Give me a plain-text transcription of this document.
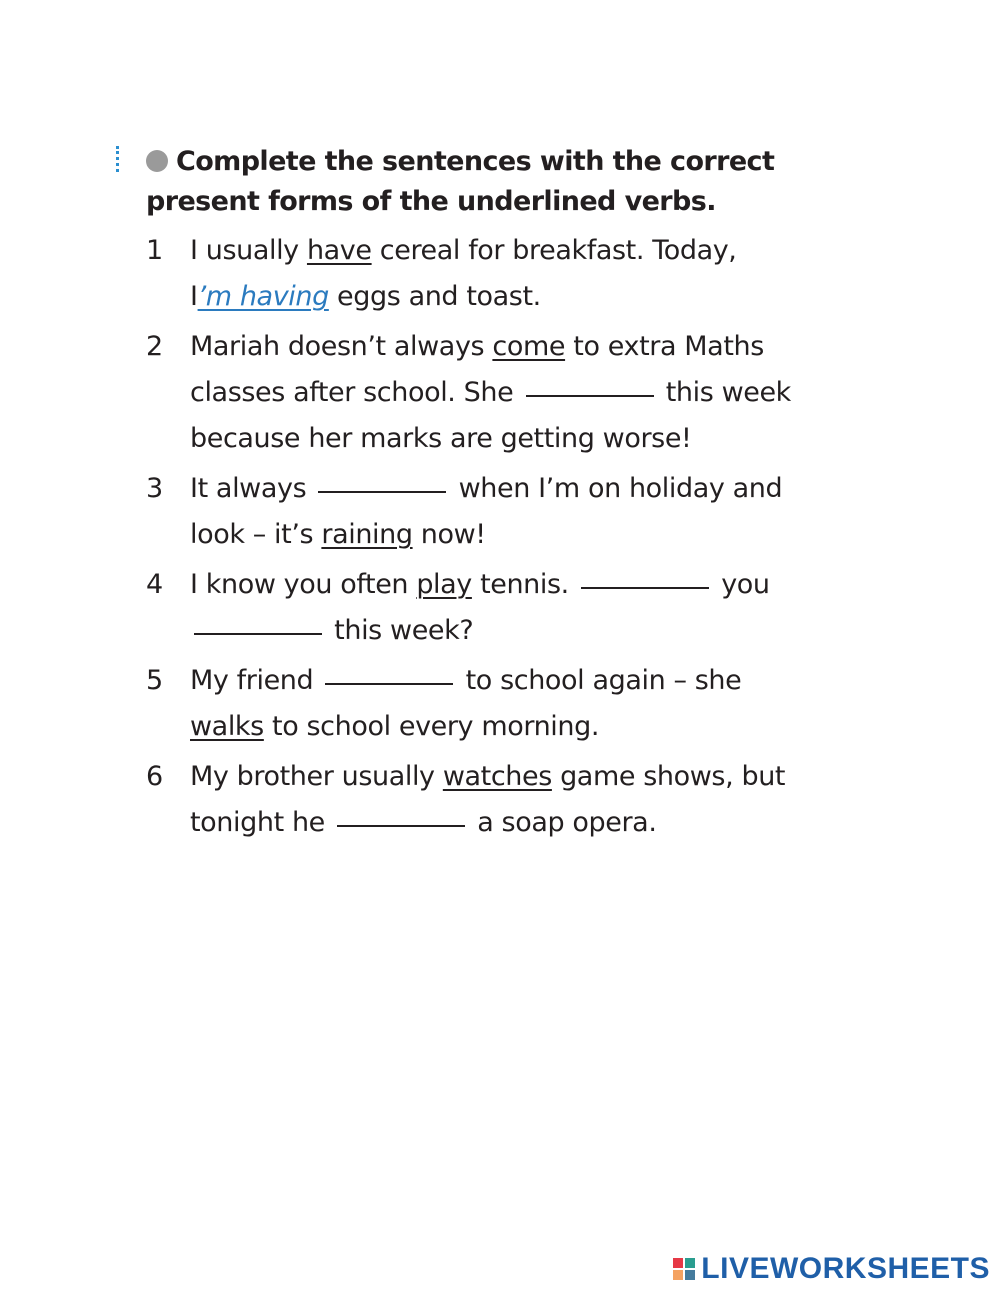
Complete the sentences with the correct present forms of the underlined verbs.
1	I usually have cereal for breakfast. Today,
I’m having eggs and toast.
2	Mariah doesn’t always come to extra Maths
classes after school. She	this week
because her marks are getting worse!
3	It always	when I’m on holiday and
look – it’s raining now!
4	I know you often play tennis.	you
this week?
5	My friend	to school again – she
walks to school every morning.
6	My brother usually watches game shows, but
tonight he	a soap opera.
LIVEWORKSHEETS
